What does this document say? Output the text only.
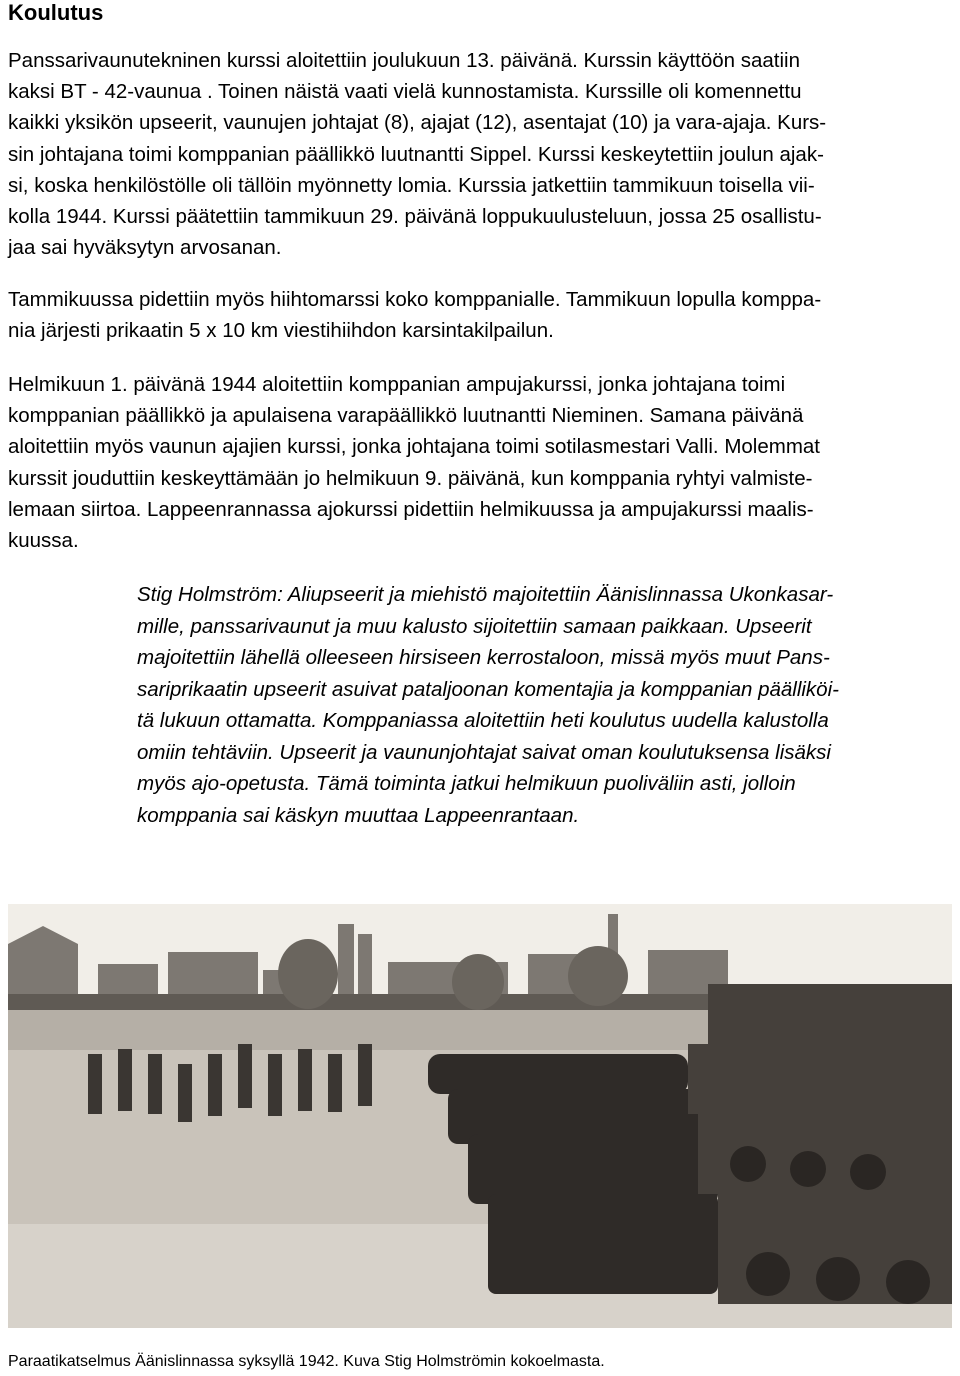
Koulutus
Panssarivaunutekninen kurssi aloitettiin joulukuun 13. päivänä. Kurssin käyttöön saatiin
kaksi BT - 42-vaunua . Toinen näistä vaati vielä kunnostamista. Kurssille oli komennettu
kaikki yksikön upseerit, vaunujen johtajat (8), ajajat (12), asentajat (10) ja vara-ajaja. Kurs-
sin johtajana toimi komppanian päällikkö luutnantti Sippel. Kurssi keskeytettiin joulun ajak-
si, koska henkilöstölle oli tällöin myönnetty lomia. Kurssia jatkettiin tammikuun toisella vii-
kolla 1944. Kurssi päätettiin tammikuun 29. päivänä loppukuulusteluun, jossa 25 osallistu-
jaa sai hyväksytyn arvosanan.
Tammikuussa pidettiin myös hiihtomarssi koko komppanialle. Tammikuun lopulla komppa-
nia järjesti prikaatin 5 x 10 km viestihiihdon karsintakilpailun.
Helmikuun 1. päivänä 1944 aloitettiin komppanian ampujakurssi, jonka johtajana toimi
komppanian päällikkö ja apulaisena varapäällikkö luutnantti Nieminen. Samana päivänä
aloitettiin myös vaunun ajajien kurssi, jonka johtajana toimi sotilasmestari Valli. Molemmat
kurssit jouduttiin keskeyttämään jo helmikuun 9. päivänä, kun komppania ryhtyi valmiste-
lemaan siirtoa. Lappeenrannassa ajokurssi pidettiin helmikuussa ja ampujakurssi maalis-
kuussa.
Stig Holmström: Aliupseerit ja miehistö majoitettiin Äänislinnassa Ukonkasar-
mille, panssarivaunut ja muu kalusto sijoitettiin samaan paikkaan. Upseerit
majoitettiin lähellä olleeseen hirsiseen kerrostaloon, missä myös muut Pans-
sariprikaatin upseerit asuivat pataljoonan komentajia ja komppanian päälliköi-
tä lukuun ottamatta. Komppaniassa aloitettiin heti koulutus uudella kalustolla
omiin tehtäviin. Upseerit ja vaununjohtajat saivat oman koulutuksensa lisäksi
myös ajo-opetusta. Tämä toiminta jatkui helmikuun puoliväliin asti, jolloin
komppania sai käskyn muuttaa Lappeenrantaan.

Paraatikatselmus Äänislinnassa syksyllä 1942. Kuva Stig Holmströmin kokoelmasta.
